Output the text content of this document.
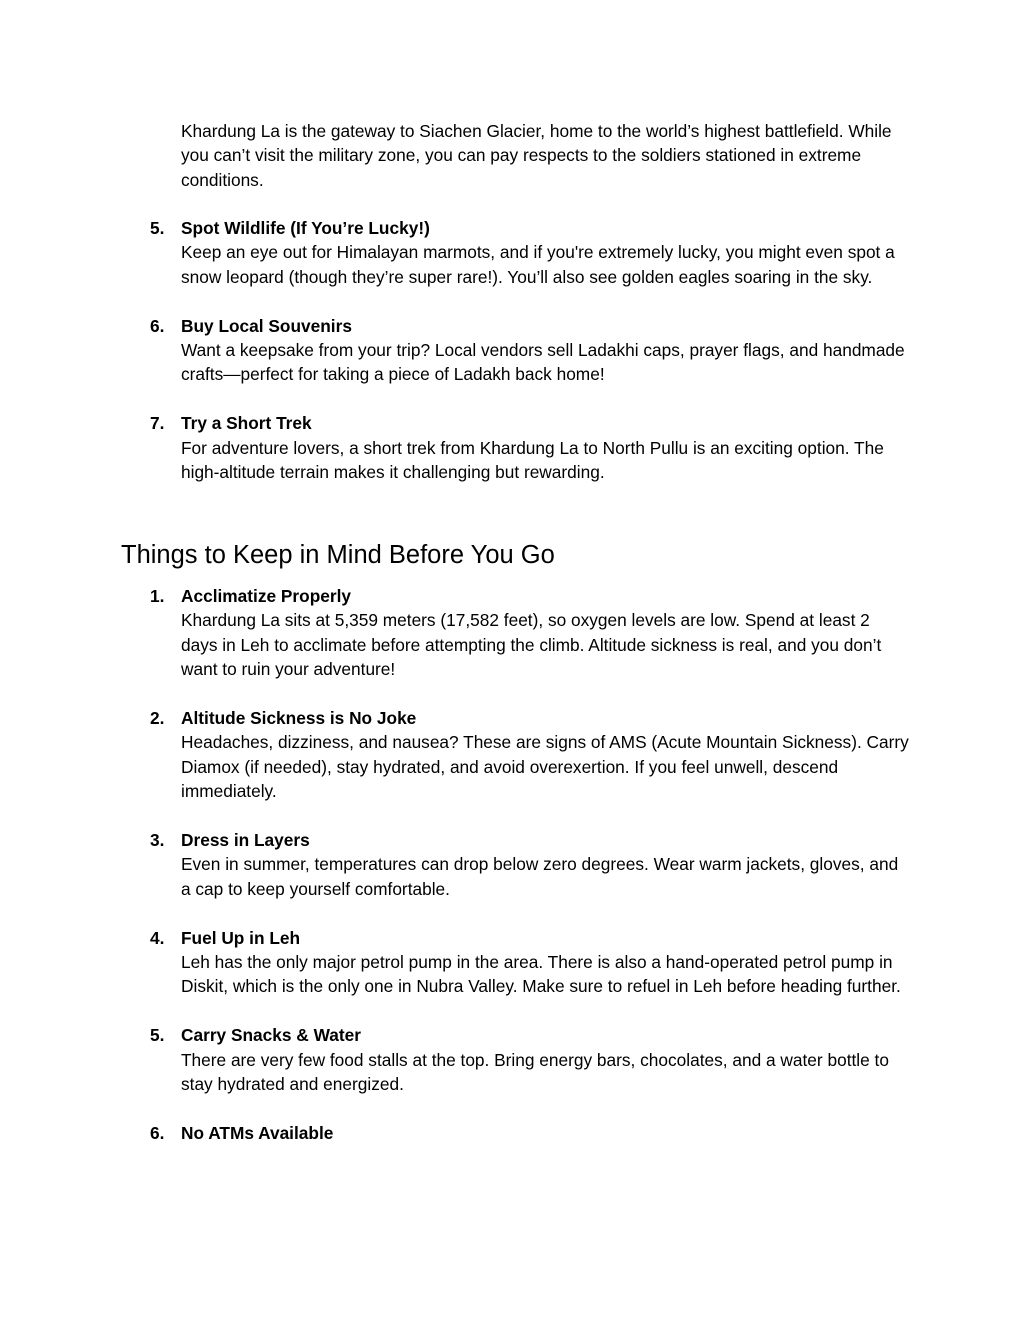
Khardung La is the gateway to Siachen Glacier, home to the world’s highest battlefield. While you can’t visit the military zone, you can pay respects to the soldiers stationed in extreme conditions.

5. Spot Wildlife (If You’re Lucky!)
Keep an eye out for Himalayan marmots, and if you're extremely lucky, you might even spot a snow leopard (though they’re super rare!). You’ll also see golden eagles soaring in the sky.
6. Buy Local Souvenirs
Want a keepsake from your trip? Local vendors sell Ladakhi caps, prayer flags, and handmade crafts—perfect for taking a piece of Ladakh back home!
7. Try a Short Trek
For adventure lovers, a short trek from Khardung La to North Pullu is an exciting option. The high-altitude terrain makes it challenging but rewarding.
Things to Keep in Mind Before You Go
1. Acclimatize Properly
Khardung La sits at 5,359 meters (17,582 feet), so oxygen levels are low. Spend at least 2 days in Leh to acclimate before attempting the climb. Altitude sickness is real, and you don’t want to ruin your adventure!
2. Altitude Sickness is No Joke
Headaches, dizziness, and nausea? These are signs of AMS (Acute Mountain Sickness). Carry Diamox (if needed), stay hydrated, and avoid overexertion. If you feel unwell, descend immediately.
3. Dress in Layers
Even in summer, temperatures can drop below zero degrees. Wear warm jackets, gloves, and a cap to keep yourself comfortable.
4. Fuel Up in Leh
Leh has the only major petrol pump in the area. There is also a hand-operated petrol pump in Diskit, which is the only one in Nubra Valley. Make sure to refuel in Leh before heading further.
5. Carry Snacks & Water
There are very few food stalls at the top. Bring energy bars, chocolates, and a water bottle to stay hydrated and energized.
6. No ATMs Available
